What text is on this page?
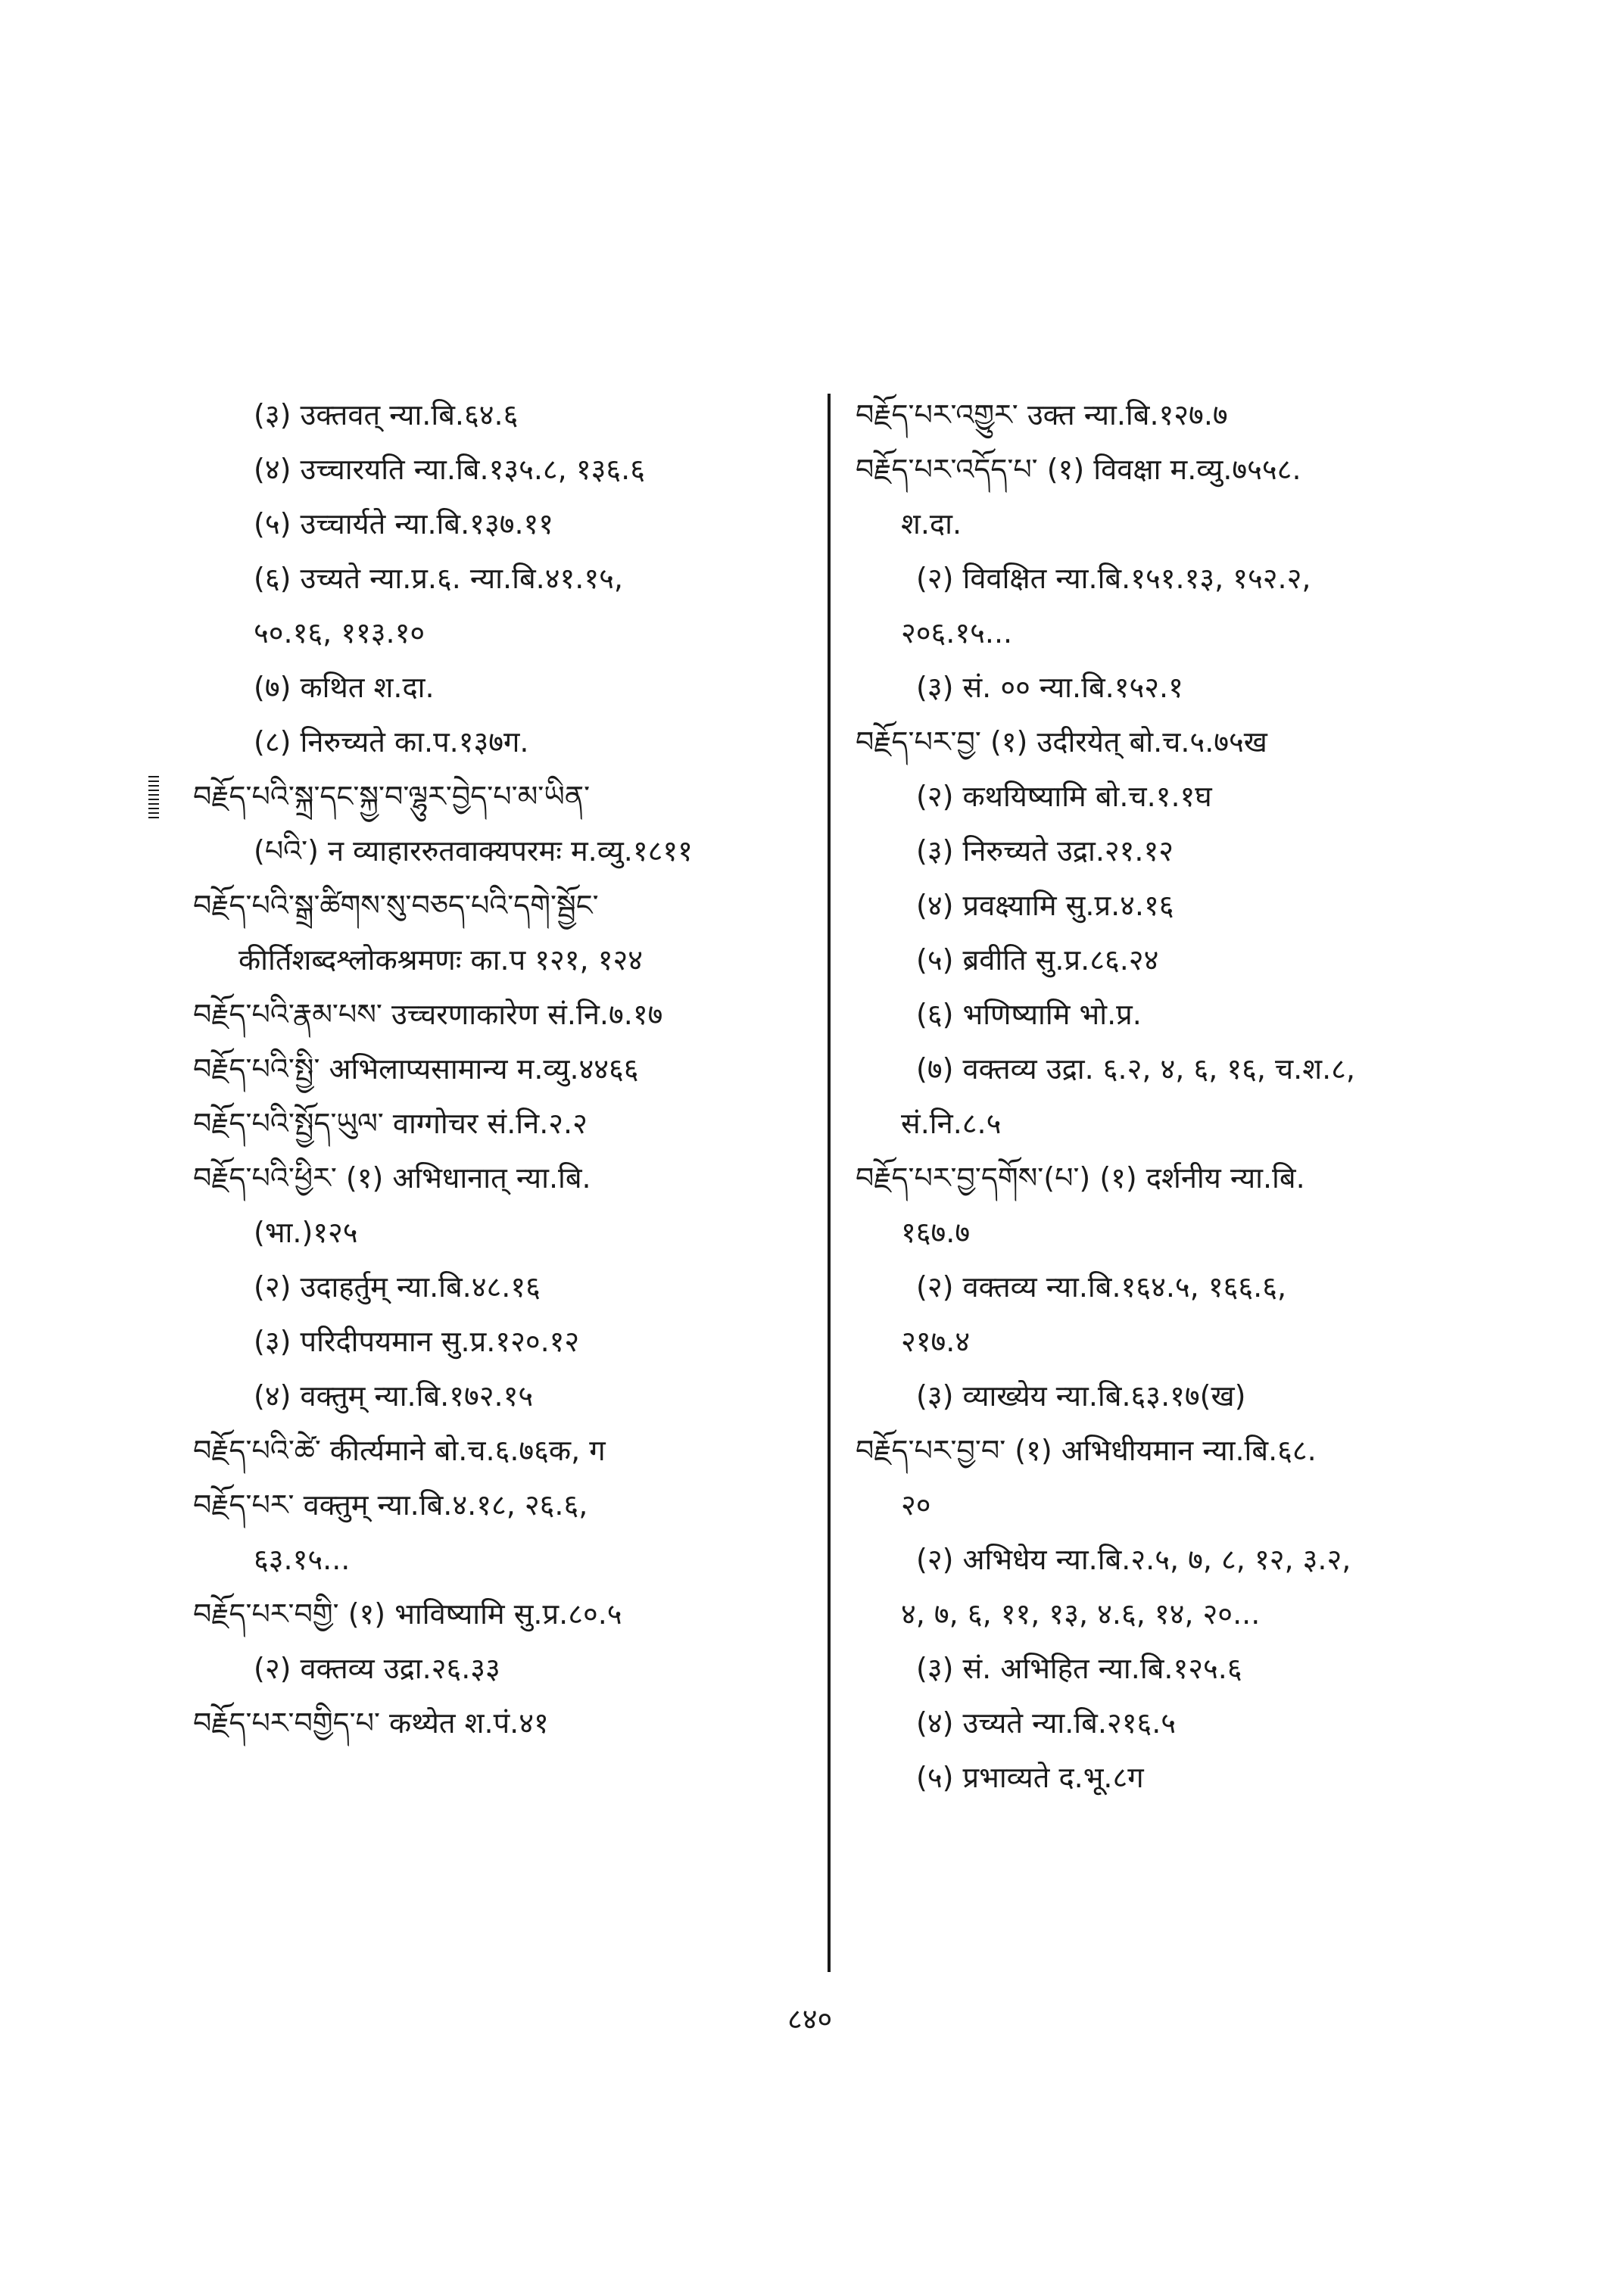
(३) उक्तवत् न्या.बि.६४.६
(४) उच्चारयति न्या.बि.१३५.८, १३६.६
(५) उच्चार्यते न्या.बि.१३७.११
(६) उच्यते न्या.प्र.६. न्या.बि.४१.१५,
५०.१६, ११३.१०
(७) कथित श.दा.
(८) निरुच्यते का.प.१३७ग.
བརྗོད་པའི་སྐྲ་དང་སྐྱ་བ་ལྷུར་བྱེད་པ་མ་ཡིན་
(པའི་) न व्याहाररुतवाक्यपरमः म.व्यु.१८११
བརྗོད་པའི་སྒྲ་ཚིགས་སུ་བཅད་པའི་དགེ་སྦྱོང་
कीर्तिशब्दश्लोकश्रमणः का.प १२१, १२४
བརྗོད་པའི་རྣམ་པས་ उच्चरणाकारेण सं.नि.७.१७
བརྗོད་པའི་སྤྱི་ अभिलाप्यसामान्य म.व्यु.४४६६
བརྗོད་པའི་སྤྱོད་ཡུལ་ वाग्गोचर सं.नि.२.२
བརྗོད་པའི་ཕྱིར་ (१) अभिधानात् न्या.बि.
(भा.)१२५
(२) उदाहर्तुम् न्या.बि.४८.१६
(३) परिदीपयमान सु.प्र.१२०.१२
(४) वक्तुम् न्या.बि.१७२.१५
བརྗོད་པའི་ཚེ་ कीर्त्यमाने बो.च.६.७६क, ग
བརྗོད་པར་ वक्तुम् न्या.बि.४.१८, २६.६,
६३.१५...
བརྗོད་པར་བགྱི་ (१) भाविष्यामि सु.प्र.८०.५
(२) वक्तव्य उद्रा.२६.३३
བརྗོད་པར་བགྱིད་པ་ कथ्येत श.पं.४१
བརྗོད་པར་འགྱུར་ उक्त न्या.बि.१२७.७
བརྗོད་པར་འདོད་པ་ (१) विवक्षा म.व्यु.७५५८.
श.दा.
(२) विवक्षित न्या.बि.१५१.१३, १५२.२,
२०६.१५...
(३) सं. ०० न्या.बि.१५२.१
བརྗོད་པར་བྱ་ (१) उदीरयेत् बो.च.५.७५ख
(२) कथयिष्यामि बो.च.१.१घ
(३) निरुच्यते उद्रा.२१.१२
(४) प्रवक्ष्यामि सु.प्र.४.१६
(५) ब्रवीति सु.प्र.८६.२४
(६) भणिष्यामि भो.प्र.
(७) वक्तव्य उद्रा. ६.२, ४, ६, १६, च.श.८,
सं.नि.८.५
བརྗོད་པར་བྱ་དགོས་(པ་) (१) दर्शनीय न्या.बि.
१६७.७
(२) वक्तव्य न्या.बि.१६४.५, १६६.६,
२१७.४
(३) व्याख्येय न्या.बि.६३.१७(ख)
བརྗོད་པར་བྱ་བ་ (१) अभिधीयमान न्या.बि.६८.
२०
(२) अभिधेय न्या.बि.२.५, ७, ८, १२, ३.२,
४, ७, ६, ११, १३, ४.६, १४, २०...
(३) सं. अभिहित न्या.बि.१२५.६
(४) उच्यते न्या.बि.२१६.५
(५) प्रभाव्यते द.भू.८ग
८४०
